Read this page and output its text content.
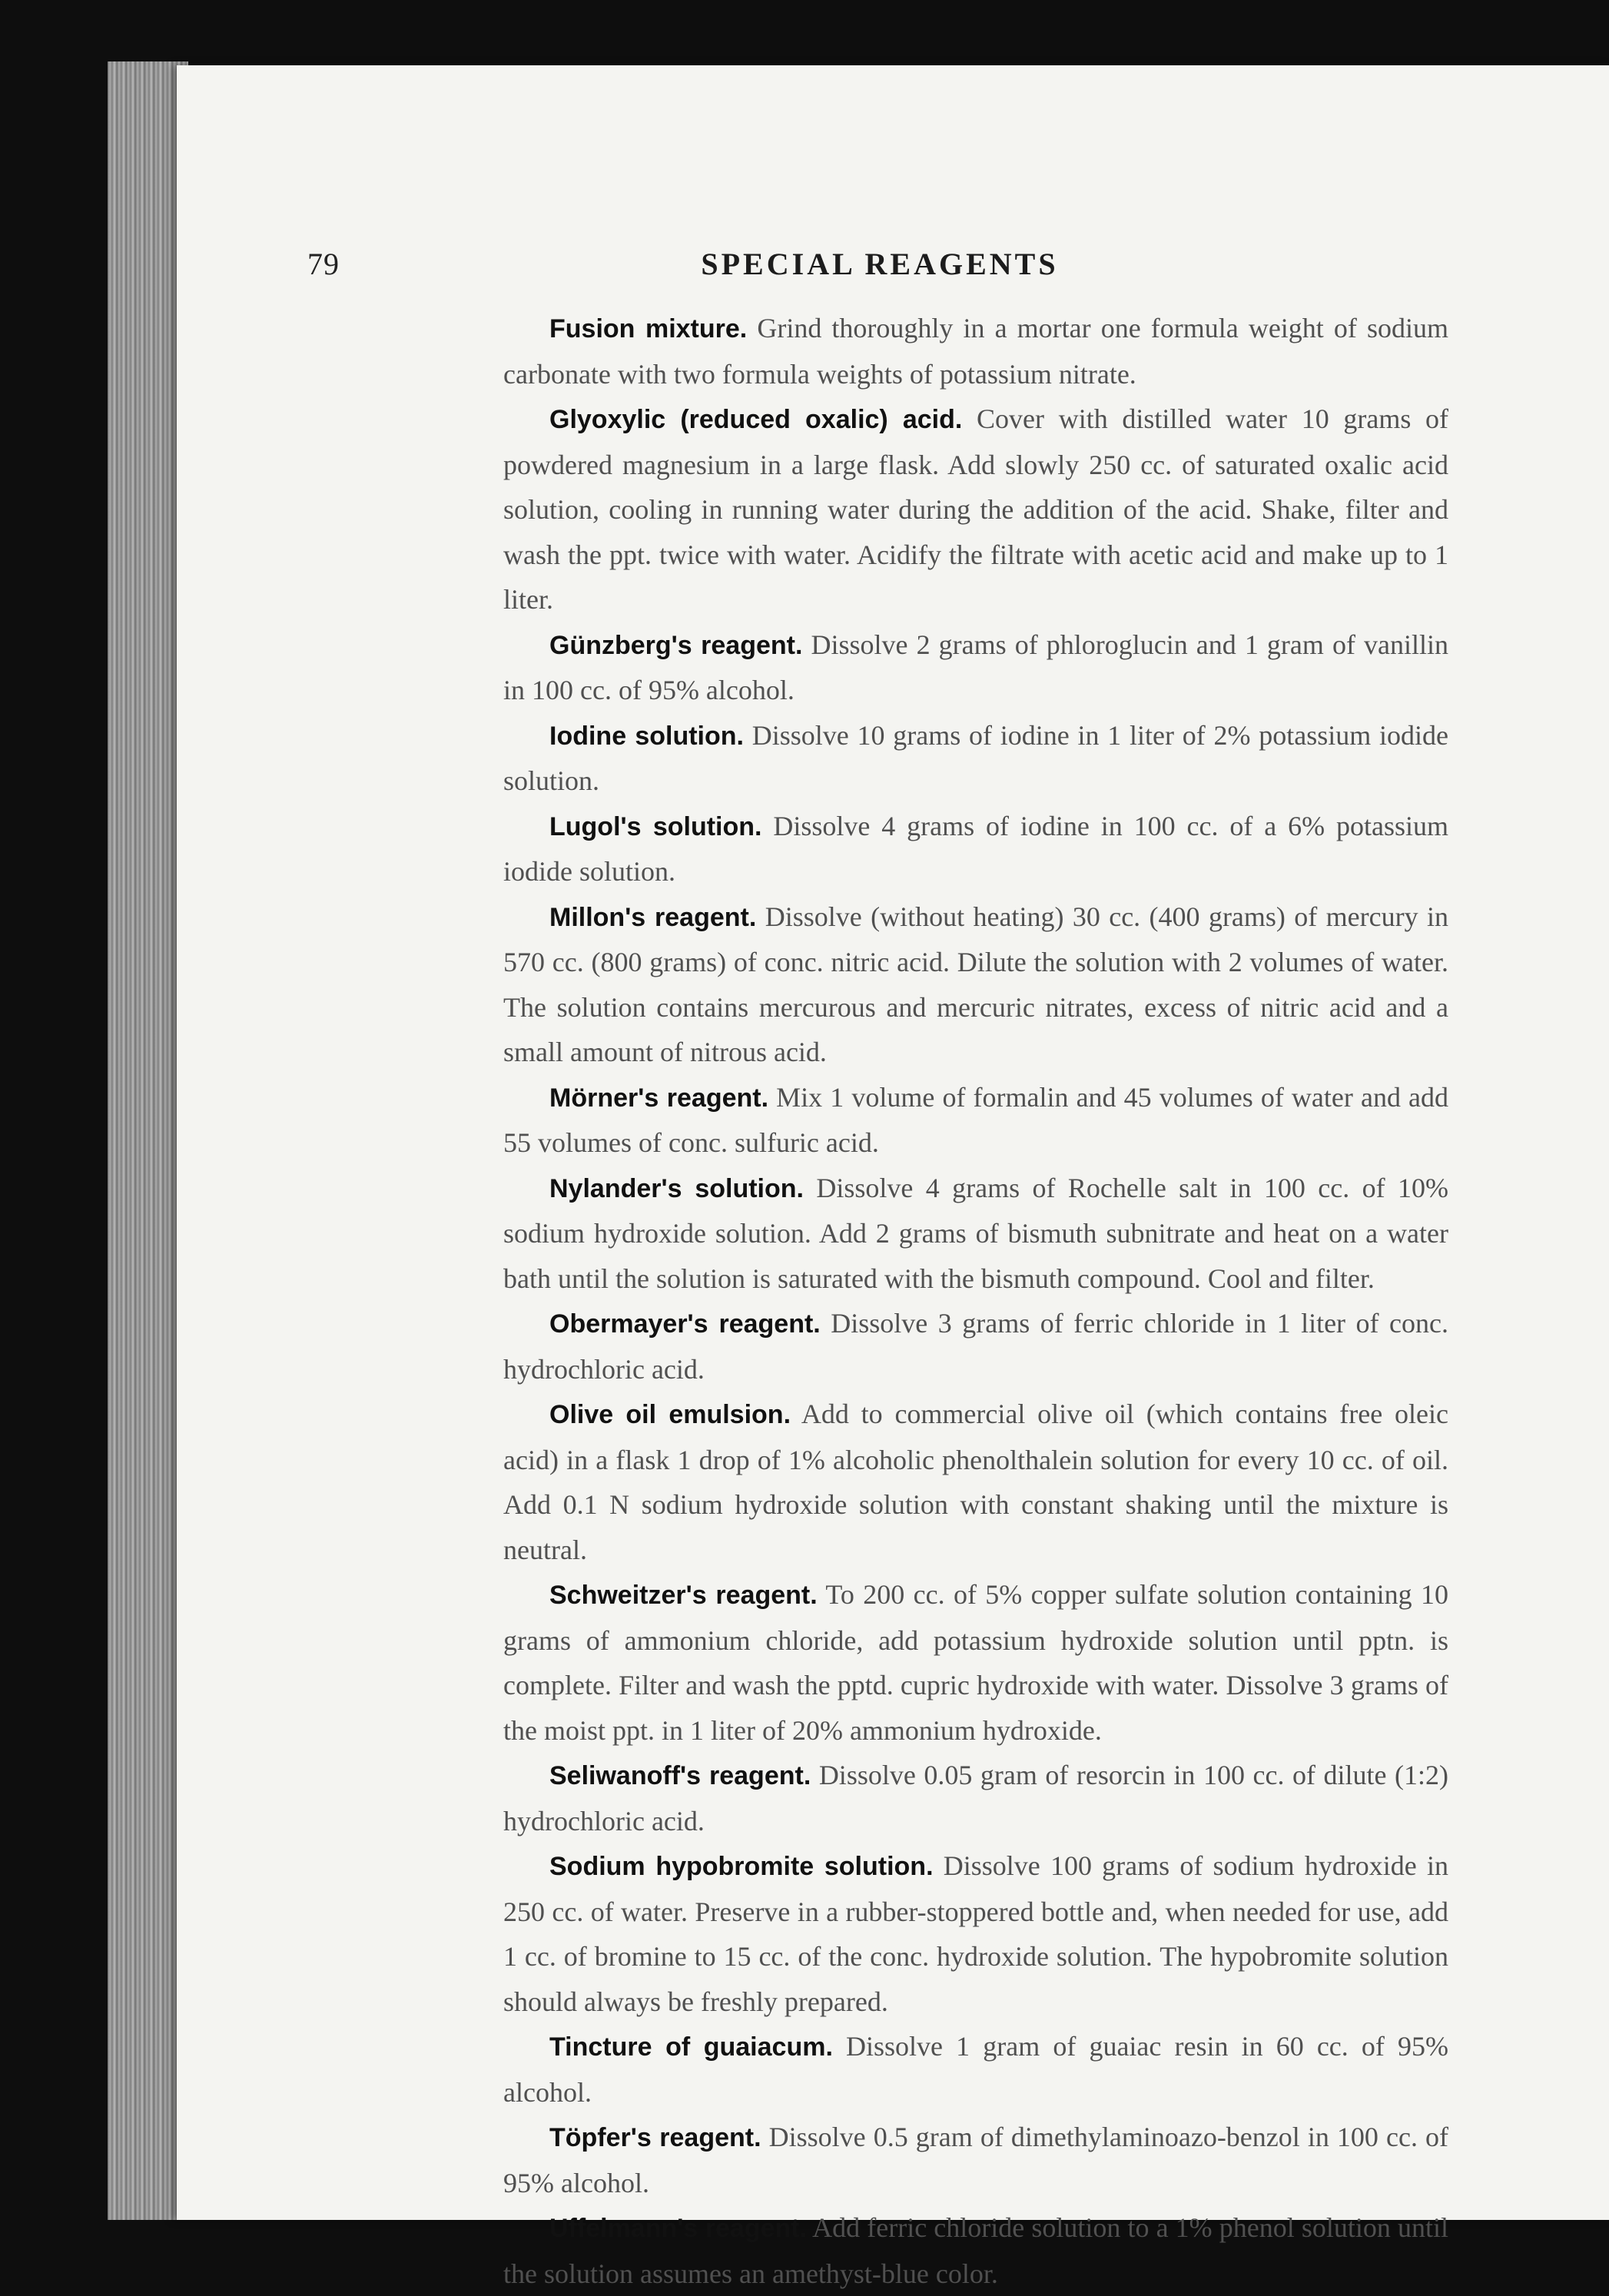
79	SPECIAL REAGENTS

Fusion mixture. Grind thoroughly in a mortar one formula weight of sodium carbonate with two formula weights of potassium nitrate.

Glyoxylic (reduced oxalic) acid. Cover with distilled water 10 grams of powdered magnesium in a large flask. Add slowly 250 cc. of saturated oxalic acid solution, cooling in running water during the addition of the acid. Shake, filter and wash the ppt. twice with water. Acidify the filtrate with acetic acid and make up to 1 liter.

Günzberg's reagent. Dissolve 2 grams of phloroglucin and 1 gram of vanillin in 100 cc. of 95% alcohol.

Iodine solution. Dissolve 10 grams of iodine in 1 liter of 2% potassium iodide solution.

Lugol's solution. Dissolve 4 grams of iodine in 100 cc. of a 6% potassium iodide solution.

Millon's reagent. Dissolve (without heating) 30 cc. (400 grams) of mercury in 570 cc. (800 grams) of conc. nitric acid. Dilute the solution with 2 volumes of water. The solution contains mercurous and mercuric nitrates, excess of nitric acid and a small amount of nitrous acid.

Mörner's reagent. Mix 1 volume of formalin and 45 volumes of water and add 55 volumes of conc. sulfuric acid.

Nylander's solution. Dissolve 4 grams of Rochelle salt in 100 cc. of 10% sodium hydroxide solution. Add 2 grams of bismuth subnitrate and heat on a water bath until the solution is saturated with the bismuth compound. Cool and filter.

Obermayer's reagent. Dissolve 3 grams of ferric chloride in 1 liter of conc. hydrochloric acid.

Olive oil emulsion. Add to commercial olive oil (which contains free oleic acid) in a flask 1 drop of 1% alcoholic phenolthalein solution for every 10 cc. of oil. Add 0.1 N sodium hydroxide solution with constant shaking until the mixture is neutral.

Schweitzer's reagent. To 200 cc. of 5% copper sulfate solution containing 10 grams of ammonium chloride, add potassium hydroxide solution until pptn. is complete. Filter and wash the pptd. cupric hydroxide with water. Dissolve 3 grams of the moist ppt. in 1 liter of 20% ammonium hydroxide.

Seliwanoff's reagent. Dissolve 0.05 gram of resorcin in 100 cc. of dilute (1:2) hydrochloric acid.

Sodium hypobromite solution. Dissolve 100 grams of sodium hydroxide in 250 cc. of water. Preserve in a rubber-stoppered bottle and, when needed for use, add 1 cc. of bromine to 15 cc. of the conc. hydroxide solution. The hypobromite solution should always be freshly prepared.

Tincture of guaiacum. Dissolve 1 gram of guaiac resin in 60 cc. of 95% alcohol.

Töpfer's reagent. Dissolve 0.5 gram of dimethylaminoazo-benzol in 100 cc. of 95% alcohol.

Uffelmann's reagent. Add ferric chloride solution to a 1% phenol solution until the solution assumes an amethyst-blue color.
